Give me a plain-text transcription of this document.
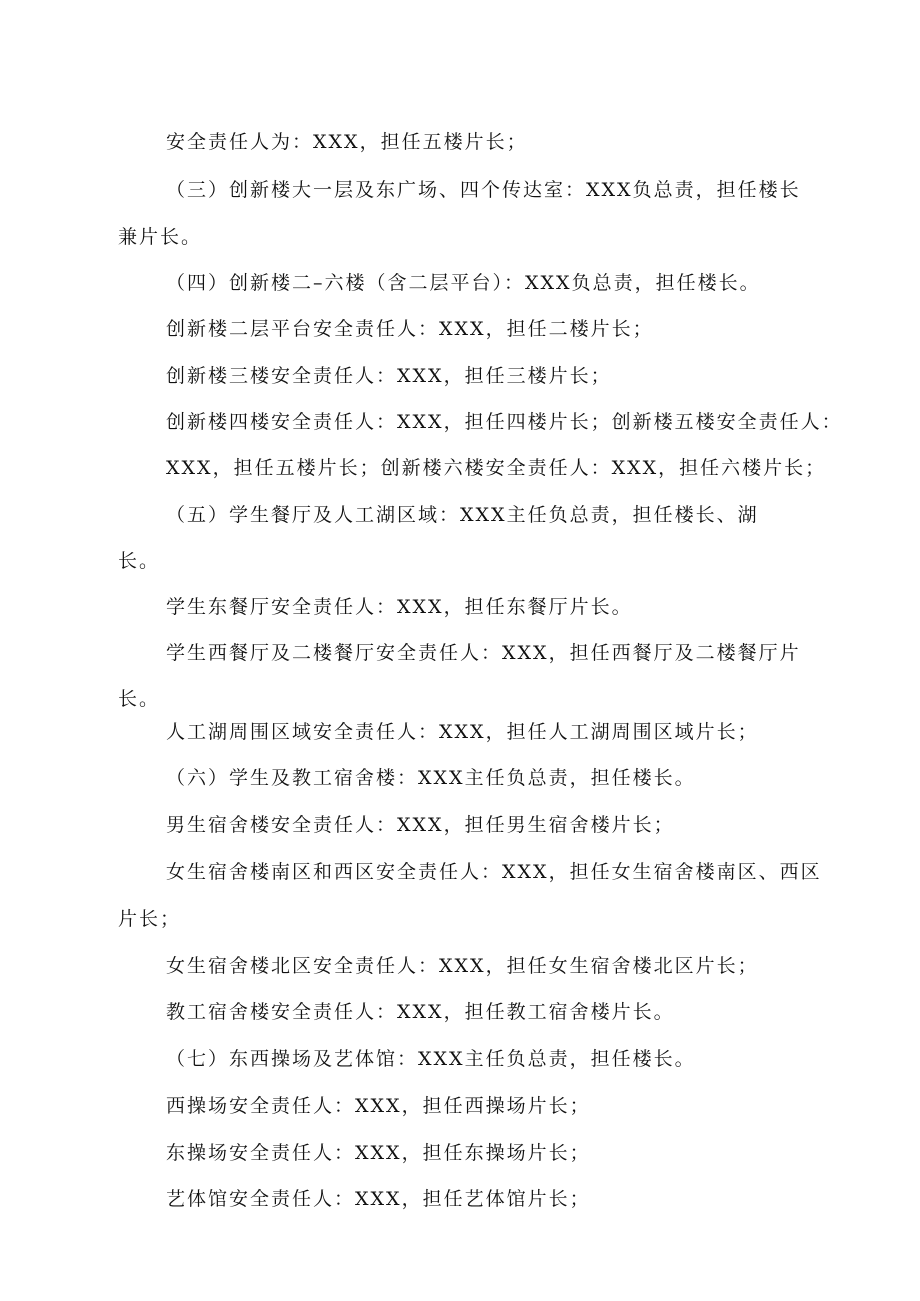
安全责任人为：XXX，担任五楼片长；
（三）创新楼大一层及东广场、四个传达室：XXX负总责，担任楼长
兼片长。
（四）创新楼二–六楼（含二层平台）：XXX负总责，担任楼长。
创新楼二层平台安全责任人：XXX，担任二楼片长；
创新楼三楼安全责任人：XXX，担任三楼片长；
创新楼四楼安全责任人：XXX，担任四楼片长；创新楼五楼安全责任人：
XXX，担任五楼片长；创新楼六楼安全责任人：XXX，担任六楼片长；
（五）学生餐厅及人工湖区域：XXX主任负总责，担任楼长、湖
长。
学生东餐厅安全责任人：XXX，担任东餐厅片长。
学生西餐厅及二楼餐厅安全责任人：XXX，担任西餐厅及二楼餐厅片
长。
人工湖周围区域安全责任人：XXX，担任人工湖周围区域片长；
（六）学生及教工宿舍楼：XXX主任负总责，担任楼长。
男生宿舍楼安全责任人：XXX，担任男生宿舍楼片长；
女生宿舍楼南区和西区安全责任人：XXX，担任女生宿舍楼南区、西区
片长；
女生宿舍楼北区安全责任人：XXX，担任女生宿舍楼北区片长；
教工宿舍楼安全责任人：XXX，担任教工宿舍楼片长。
（七）东西操场及艺体馆：XXX主任负总责，担任楼长。
西操场安全责任人：XXX，担任西操场片长；
东操场安全责任人：XXX，担任东操场片长；
艺体馆安全责任人：XXX，担任艺体馆片长；
